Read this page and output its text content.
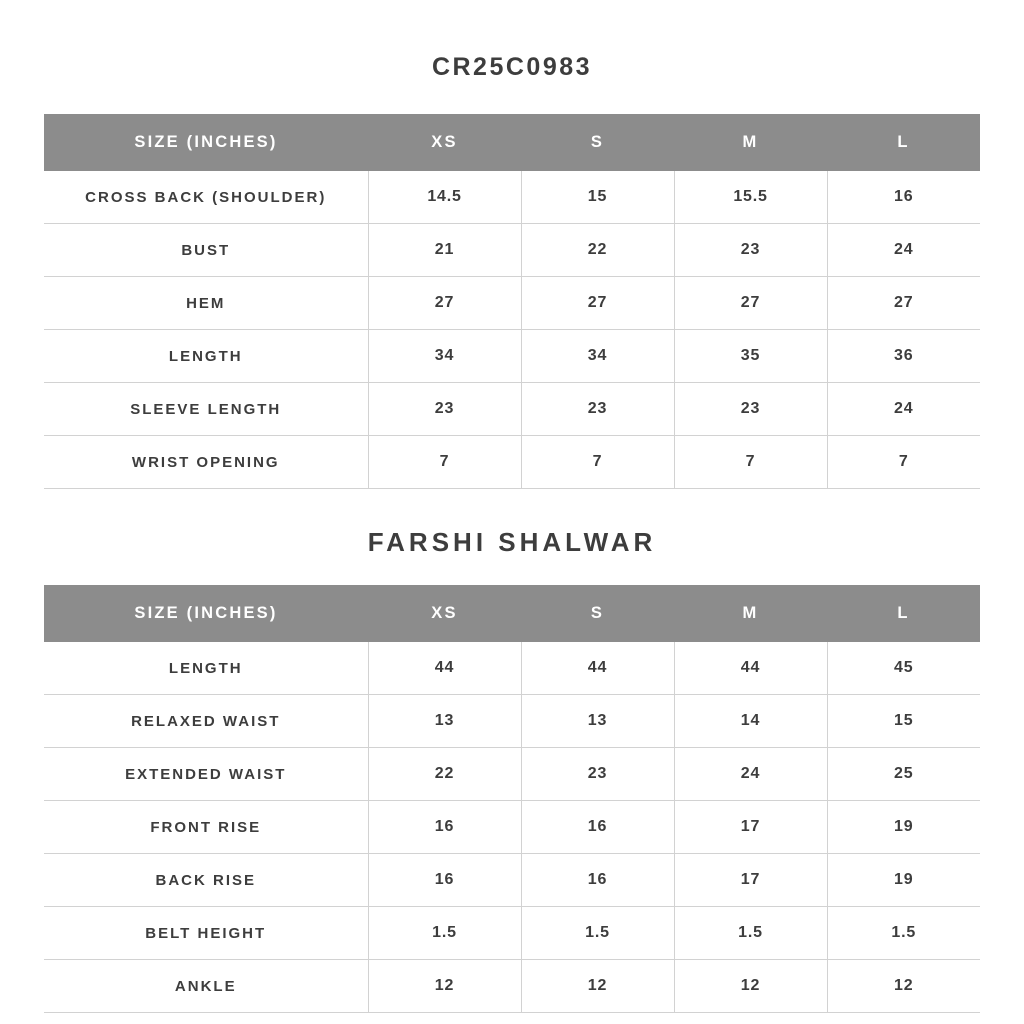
CR25C0983
SIZE (INCHES)	XS	S	M	L
CROSS BACK (SHOULDER)	14.5	15	15.5	16
BUST	21	22	23	24
HEM	27	27	27	27
LENGTH	34	34	35	36
SLEEVE LENGTH	23	23	23	24
WRIST OPENING	7	7	7	7
FARSHI SHALWAR
SIZE (INCHES)	XS	S	M	L
LENGTH	44	44	44	45
RELAXED WAIST	13	13	14	15
EXTENDED WAIST	22	23	24	25
FRONT RISE	16	16	17	19
BACK RISE	16	16	17	19
BELT HEIGHT	1.5	1.5	1.5	1.5
ANKLE	12	12	12	12
